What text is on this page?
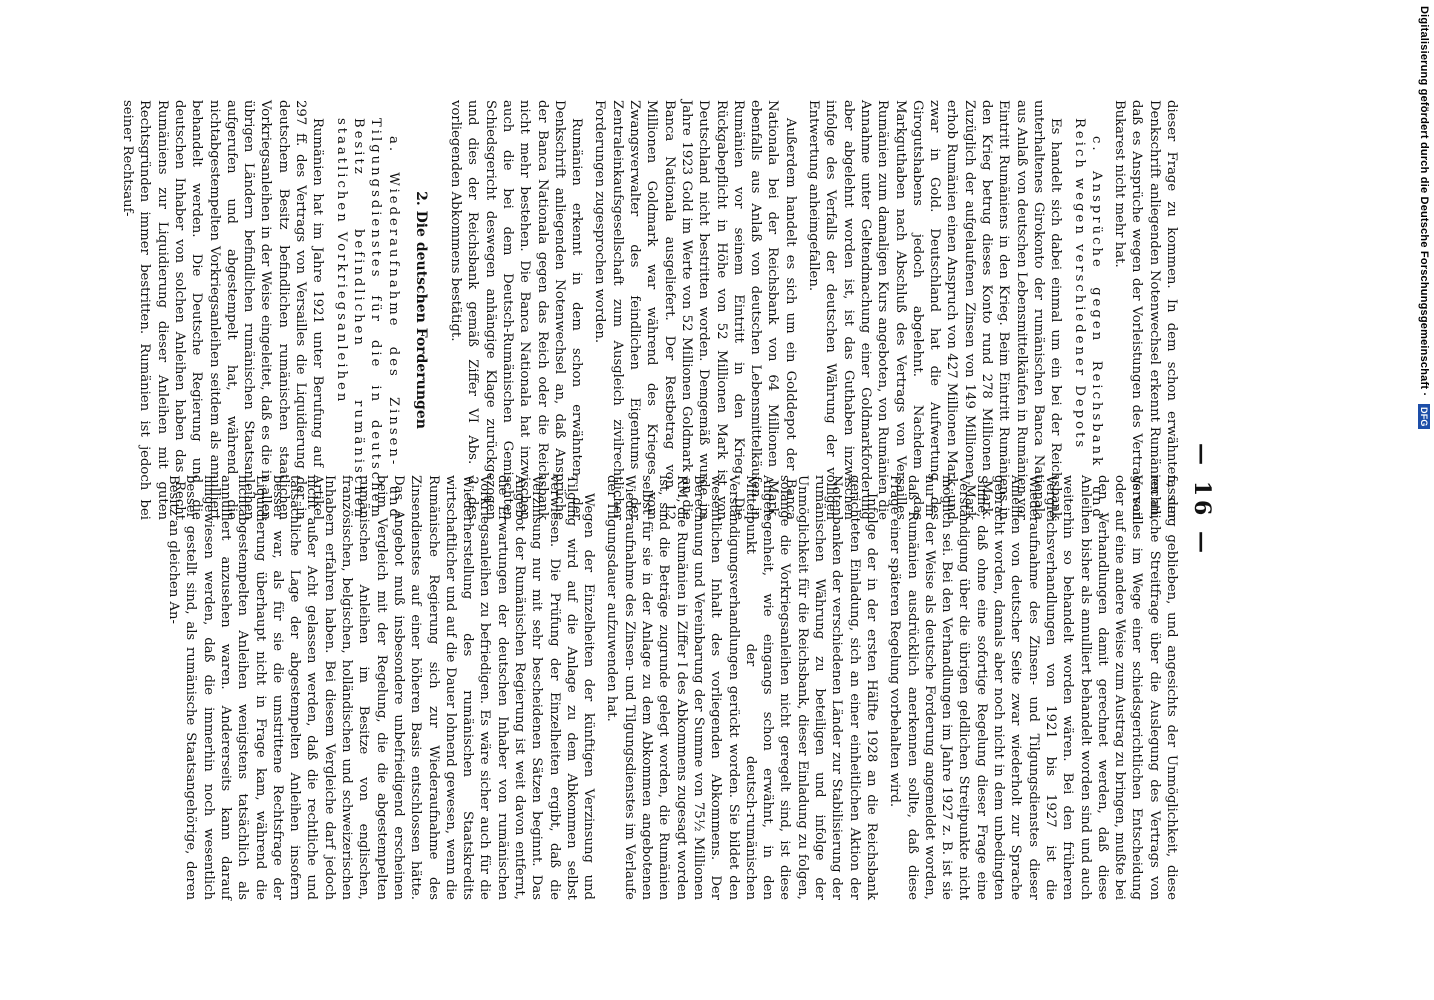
— 16 —

dieser Frage zu kommen. In dem schon erwähnten, der Denkschrift anliegenden Notenwechsel erkennt Rumänien an, daß es Ansprüche wegen der Vorleistungen des Vertrags von Bukarest nicht mehr hat.

c. Ansprüche gegen Reichsbank und Reich wegen verschiedener Depots

Es handelt sich dabei einmal um ein bei der Reichsbank unterhaltenes Girokonto der rumänischen Banca Nationala aus Anlaß von deutschen Lebensmittelkäufen in Rumänien vor Eintritt Rumäniens in den Krieg. Beim Eintritt Rumäniens in den Krieg betrug dieses Konto rund 278 Millionen Mark. Zuzüglich der aufgelaufenen Zinsen von 149 Millionen Mark erhob Rumänien einen Anspruch von 427 Millionen Mark, und zwar in Gold. Deutschland hat die Aufwertung des Girogutshabens jedoch abgelehnt. Nachdem das Markguthaben nach Abschluß des Vertrags von Versailles Rumänien zum damaligen Kurs angeboten, von Rumänien die Annahme unter Geltendmachung einer Goldmarkforderung aber abgelehnt worden ist, ist das Guthaben inzwischen infolge des Verfalls der deutschen Währung der völligen Entwertung anheimgefallen.

Außerdem handelt es sich um ein Golddepot der Banca Nationala bei der Reichsbank von 64 Millionen Mark, ebenfalls aus Anlaß von deutschen Lebensmittelkäufen in Rumänien vor seinem Eintritt in den Krieg. Die Rückgabepflicht in Höhe von 52 Millionen Mark ist von Deutschland nicht bestritten worden. Demgemäß wurde im Jahre 1923 Gold im Werte von 52 Millionen Goldmark an die Banca Nationala ausgeliefert. Der Restbetrag von 12 Millionen Goldmark war während des Krieges vom Zwangsverwalter des feindlichen Eigentums der Zentraleinkaufsgesellschaft zum Ausgleich zivilrechtlicher Forderungen zugesprochen worden.

Rumänien erkennt in dem schon erwähnten, der Denkschrift anliegenden Notenwechsel an, daß Ansprüche der Banca Nationala gegen das Reich oder die Reichsbank nicht mehr bestehen. Die Banca Nationala hat inzwischen auch die bei dem Deutsch-Rumänischen Gemischten Schiedsgericht deswegen anhängige Klage zurückgezogen und dies der Reichsbank gemäß Ziffer VI Abs. 2 des vorliegenden Abkommens bestätigt.

2. Die deutschen Forderungen

a. Wiederaufnahme des Zinsen- und Tilgungsdienstes für die in deutschem Besitz befindlichen rumänischen staatlichen Vorkriegsanleihen

Rumänien hat im Jahre 1921 unter Berufung auf Artikel 297 ff. des Vertrags von Versailles die Liquidierung der in deutschem Besitz befindlichen rumänischen staatlichen Vorkriegsanleihen in der Weise eingeleitet, daß es die in allen übrigen Ländern befindlichen rumänischen Staatsanleihen aufgerufen und abgestempelt hat, während die nichtabgestempelten Vorkriegsanleihen seitdem als annulliert behandelt werden. Die Deutsche Regierung und die deutschen Inhaber von solchen Anleihen haben das Recht Rumäniens zur Liquidierung dieser Anleihen mit guten Rechtsgründen immer bestritten. Rumänien ist jedoch bei seiner Rechtsauf-

fassung geblieben, und angesichts der Unmöglichkeit, diese rechtliche Streitfrage über die Auslegung des Vertrags von Versailles im Wege einer schiedsgerichtlichen Entscheidung oder auf eine andere Weise zum Austrag zu bringen, mußte bei den Verhandlungen damit gerechnet werden, daß diese Anleihen bisher als annulliert behandelt worden sind und auch weiterhin so behandelt worden wären. Bei den früheren Vergleichsverhandlungen von 1921 bis 1927 ist die Wiederaufnahme des Zinsen- und Tilgungsdienstes dieser Anleihen von deutscher Seite zwar wiederholt zur Sprache gebracht worden, damals aber noch nicht in dem unbedingten Sinne, daß ohne eine sofortige Regelung dieser Frage eine Verständigung über die übrigen geldlichen Streitpunkte nicht möglich sei. Bei den Verhandlungen im Jahre 1927 z. B. ist sie nur in der Weise als deutsche Forderung angemeldet worden, daß Rumänien ausdrücklich anerkennen sollte, daß diese Frage einer späteren Regelung vorbehalten wird.

Infolge der in der ersten Hälfte 1928 an die Reichsbank gerichteten Einladung, sich an einer einheitlichen Aktion der Notenbanken der verschiedenen Länder zur Stabilisierung der rumänischen Währung zu beteiligen und infolge der Unmöglichkeit für die Reichsbank, dieser Einladung zu folgen, solange die Vorkriegsanleihen nicht geregelt sind, ist diese Angelegenheit, wie eingangs schon erwähnt, in den Mittelpunkt der deutsch-rumänischen Verständigungsverhandlungen gerückt worden. Sie bildet den wesentlichen Inhalt des vorliegenden Abkommens. Der Berechnung und Vereinbarung der Summe von 75½ Millionen RM, die Rumänien in Ziffer I des Abkommens zugesagt worden ist, sind die Beträge zugrunde gelegt worden, die Rumänien selbst für sie in der Anlage zu dem Abkommen angebotenen Wiederaufnahme des Zinsen- und Tilgungsdienstes im Verlaufe der Tilgungsdauer aufzuwenden hat.

Wegen der Einzelheiten der künftigen Verzinsung und Tilgung wird auf die Anlage zu dem Abkommen selbst verwiesen. Die Prüfung der Einzelheiten ergibt, daß die Verzinsung nur mit sehr bescheidenen Sätzen beginnt. Das Angebot der Rumänischen Regierung ist weit davon entfernt, die Erwartungen der deutschen Inhaber von rumänischen Vorkriegsanleihen zu befriedigen. Es wäre sicher auch für die Wiederherstellung des rumänischen Staatskredits wirtschaftlicher und auf die Dauer lohnend gewesen, wenn die Rumänische Regierung sich zur Wiederaufnahme des Zinsendienstes auf einer höheren Basis entschlossen hätte. Das Angebot muß insbesondere unbefriedigend erscheinen beim Vergleich mit der Regelung, die die abgestempelten rumänischen Anleihen im Besitze von englischen, französischen, belgischen, holländischen und schweizerischen Inhabern erfahren haben. Bei diesem Vergleiche darf jedoch nicht außer Acht gelassen werden, daß die rechtliche und tatsächliche Lage der abgestempelten Anleihen insofern besser war, als für sie die umstrittene Rechtsfrage der Liquidierung überhaupt nicht in Frage kam, während die nichtabgestempelten Anleihen wenigstens tatsächlich als annulliert anzusehen waren. Andererseits kann darauf hingewiesen werden, daß die immerhin noch wesentlich besser gestellt sind, als rumänische Staatsangehörige, deren Besitz an gleichen An-

Digitalisierung gefördert durch die Deutsche Forschungsgemeinschaft · DFG
